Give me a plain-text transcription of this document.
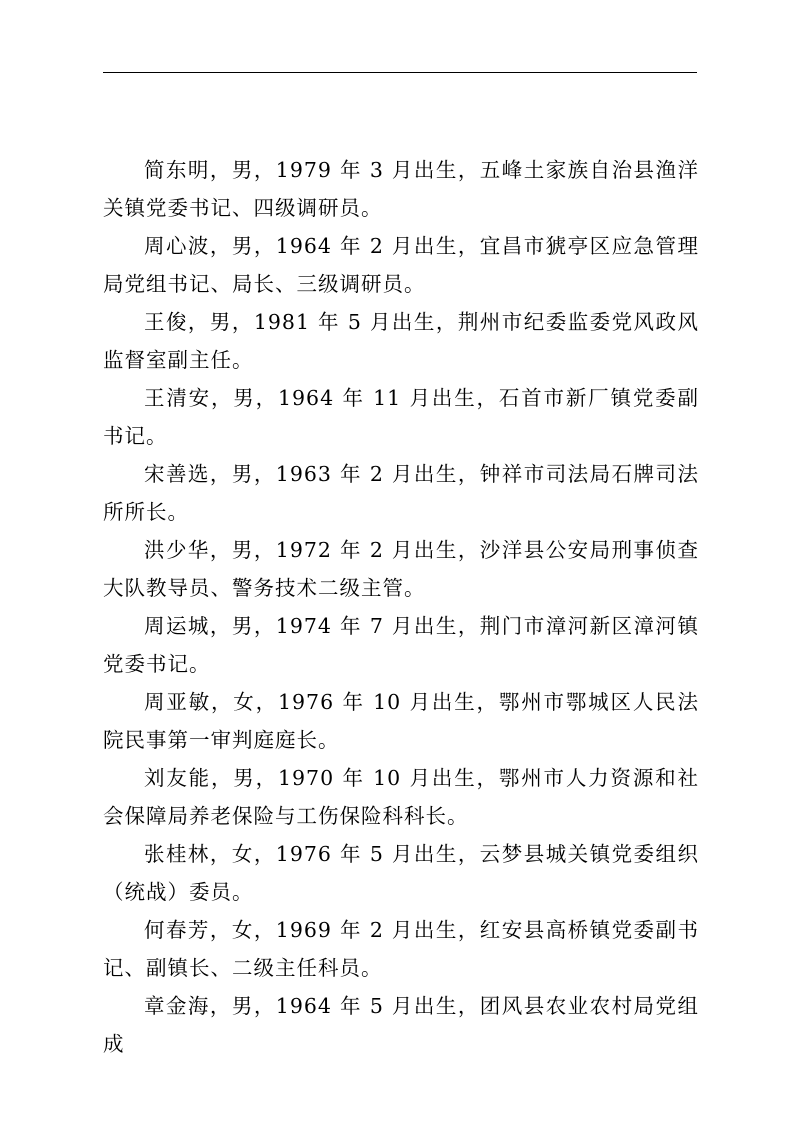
简东明，男，1979 年 3 月出生，五峰土家族自治县渔洋关镇党委书记、四级调研员。

周心波，男，1964 年 2 月出生，宜昌市猇亭区应急管理局党组书记、局长、三级调研员。

王俊，男，1981 年 5 月出生，荆州市纪委监委党风政风监督室副主任。

王清安，男，1964 年 11 月出生，石首市新厂镇党委副书记。

宋善选，男，1963 年 2 月出生，钟祥市司法局石牌司法所所长。

洪少华，男，1972 年 2 月出生，沙洋县公安局刑事侦查大队教导员、警务技术二级主管。

周运城，男，1974 年 7 月出生，荆门市漳河新区漳河镇党委书记。

周亚敏，女，1976 年 10 月出生，鄂州市鄂城区人民法院民事第一审判庭庭长。

刘友能，男，1970 年 10 月出生，鄂州市人力资源和社会保障局养老保险与工伤保险科科长。

张桂林，女，1976 年 5 月出生，云梦县城关镇党委组织（统战）委员。

何春芳，女，1969 年 2 月出生，红安县高桥镇党委副书记、副镇长、二级主任科员。

章金海，男，1964 年 5 月出生，团风县农业农村局党组成
